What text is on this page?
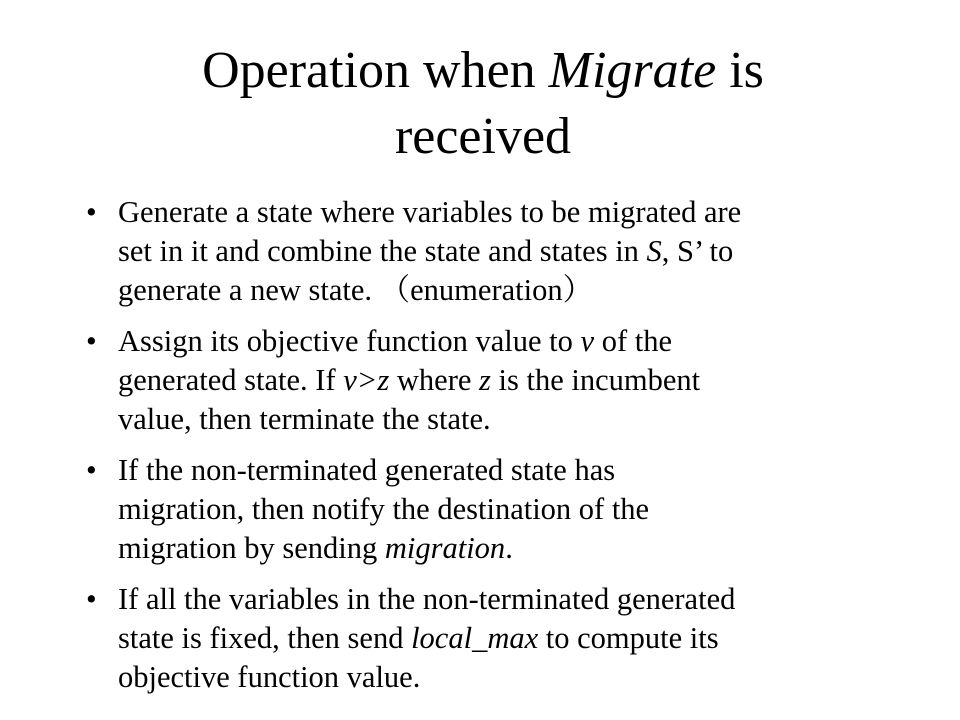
Operation when Migrate is
received
• Generate a state where variables to be migrated are
set in it and combine the state and states in S, S’ to
generate a new state. （enumeration）
• Assign its objective function value to v of the
generated state. If v>z where z is the incumbent
value, then terminate the state.
• If the non-terminated generated state has
migration, then notify the destination of the
migration by sending migration.
• If all the variables in the non-terminated generated
state is fixed, then send local_max to compute its
objective function value.
